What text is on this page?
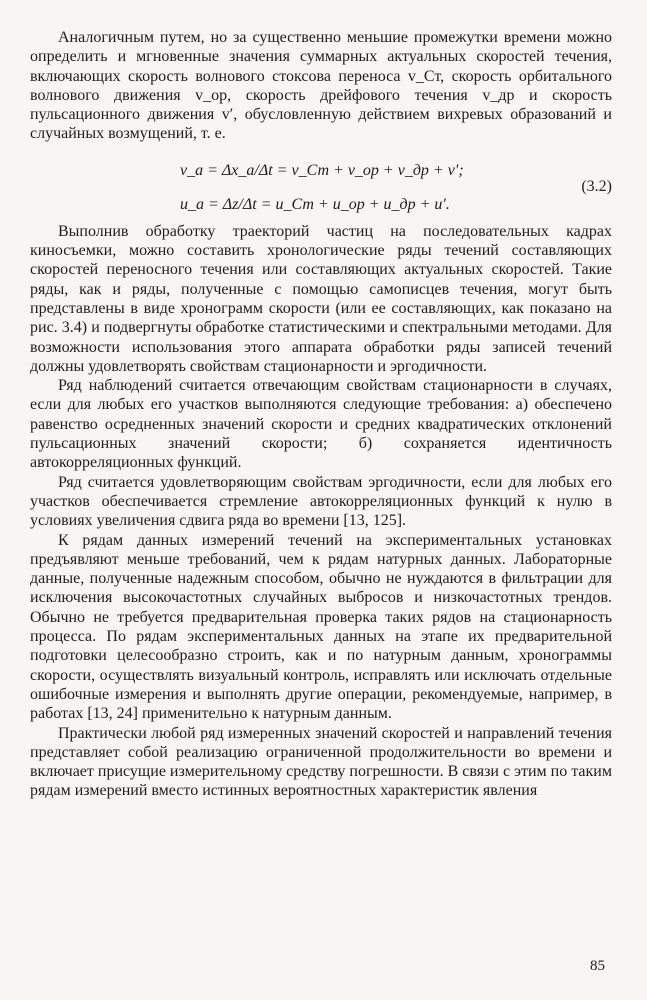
Аналогичным путем, но за существенно меньшие промежутки времени можно определить и мгновенные значения суммарных актуальных скоростей течения, включающих скорость волнового стоксова переноса v_Ст, скорость орбитального волнового движения v_ор, скорость дрейфового течения v_др и скорость пульсационного движения v′, обусловленную действием вихревых образований и случайных возмущений, т. е.

v_a = Δx_a/Δt = v_Ст + v_ор + v_др + v′;
u_a = Δz/Δt = u_Ст + u_ор + u_др + u′.
(3.2)

Выполнив обработку траекторий частиц на последовательных кадрах киносъемки, можно составить хронологические ряды течений составляющих скоростей переносного течения или составляющих актуальных скоростей. Такие ряды, как и ряды, полученные с помощью самописцев течения, могут быть представлены в виде хронограмм скорости (или ее составляющих, как показано на рис. 3.4) и подвергнуты обработке статистическими и спектральными методами. Для возможности использования этого аппарата обработки ряды записей течений должны удовлетворять свойствам стационарности и эргодичности.

Ряд наблюдений считается отвечающим свойствам стационарности в случаях, если для любых его участков выполняются следующие требования: а) обеспечено равенство осредненных значений скорости и средних квадратических отклонений пульсационных значений скорости; б) сохраняется идентичность автокорреляционных функций.

Ряд считается удовлетворяющим свойствам эргодичности, если для любых его участков обеспечивается стремление автокорреляционных функций к нулю в условиях увеличения сдвига ряда во времени [13, 125].

К рядам данных измерений течений на экспериментальных установках предъявляют меньше требований, чем к рядам натурных данных. Лабораторные данные, полученные надежным способом, обычно не нуждаются в фильтрации для исключения высокочастотных случайных выбросов и низкочастотных трендов. Обычно не требуется предварительная проверка таких рядов на стационарность процесса. По рядам экспериментальных данных на этапе их предварительной подготовки целесообразно строить, как и по натурным данным, хронограммы скорости, осуществлять визуальный контроль, исправлять или исключать отдельные ошибочные измерения и выполнять другие операции, рекомендуемые, например, в работах [13, 24] применительно к натурным данным.

Практически любой ряд измеренных значений скоростей и направлений течения представляет собой реализацию ограниченной продолжительности во времени и включает присущие измерительному средству погрешности. В связи с этим по таким рядам измерений вместо истинных вероятностных характеристик явления

85
